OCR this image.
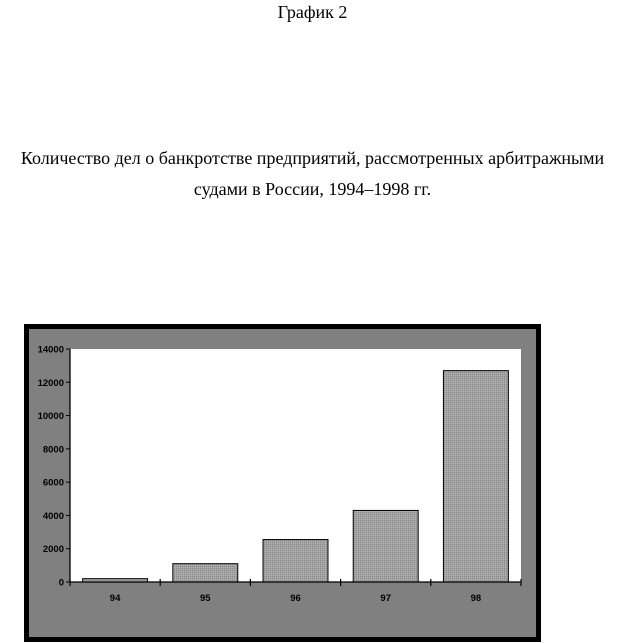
График 2
Количество дел о банкротстве предприятий, рассмотренных арбитражными
судами в России, 1994–1998 гг.
0
2000
4000
6000
8000
10000
12000
14000
94	95	96	97	98
